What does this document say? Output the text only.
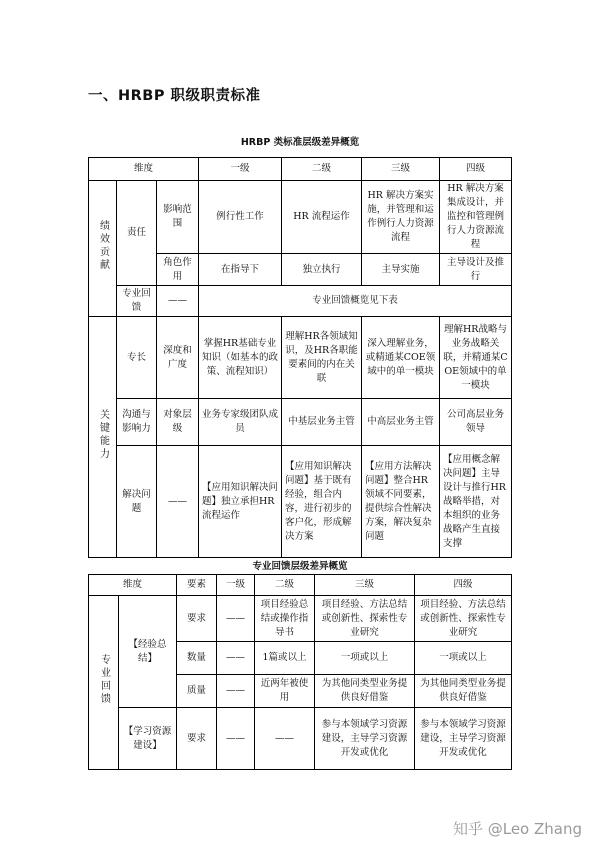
一、HRBP 职级职责标准
HRBP 类标准层级差异概览
维度			一级	二级	三级	四级
绩效贡献	责任	影响范围	例行性工作	HR 流程运作	HR 解决方案实施，并管理和运作例行人力资源流程	HR 解决方案集成设计，并监控和管理例行人力资源流程
		角色作用	在指导下	独立执行	主导实施	主导设计及推行
	专业回馈	——	专业回馈概览见下表			
关键能力	专长	深度和广度	掌握HR基础专业知识（如基本的政策、流程知识）	理解HR各领域知识，及HR各职能要素间的内在关联	深入理解业务，或精通某COE领域中的单一模块	理解HR战略与业务战略关联，并精通某COE领域中的单一模块
	沟通与影响力	对象层级	业务专家级团队成员	中基层业务主管	中高层业务主管	公司高层业务领导
	解决问题	——	【应用知识解决问题】独立承担HR流程运作	【应用知识解决问题】基于既有经验，组合内容，进行初步的客户化，形成解决方案	【应用方法解决问题】整合HR领域不同要素，提供综合性解决方案，解决复杂问题	【应用概念解决问题】主导设计与推行HR战略举措，对本组织的业务战略产生直接支撑
专业回馈层级差异概览
维度		要素	一级	二级	三级	四级
专业回馈	【经验总结】	要求	——	项目经验总结或操作指导书	项目经验、方法总结或创新性、探索性专业研究	项目经验、方法总结或创新性、探索性专业研究
		数量	——	1篇或以上	一项或以上	一项或以上
		质量	——	近两年被使用	为其他同类型业务提供良好借鉴	为其他同类型业务提供良好借鉴
	【学习资源建设】	要求	——	——	参与本领域学习资源建设，主导学习资源开发或优化	参与本领域学习资源建设，主导学习资源开发或优化
知乎 @Leo Zhang
